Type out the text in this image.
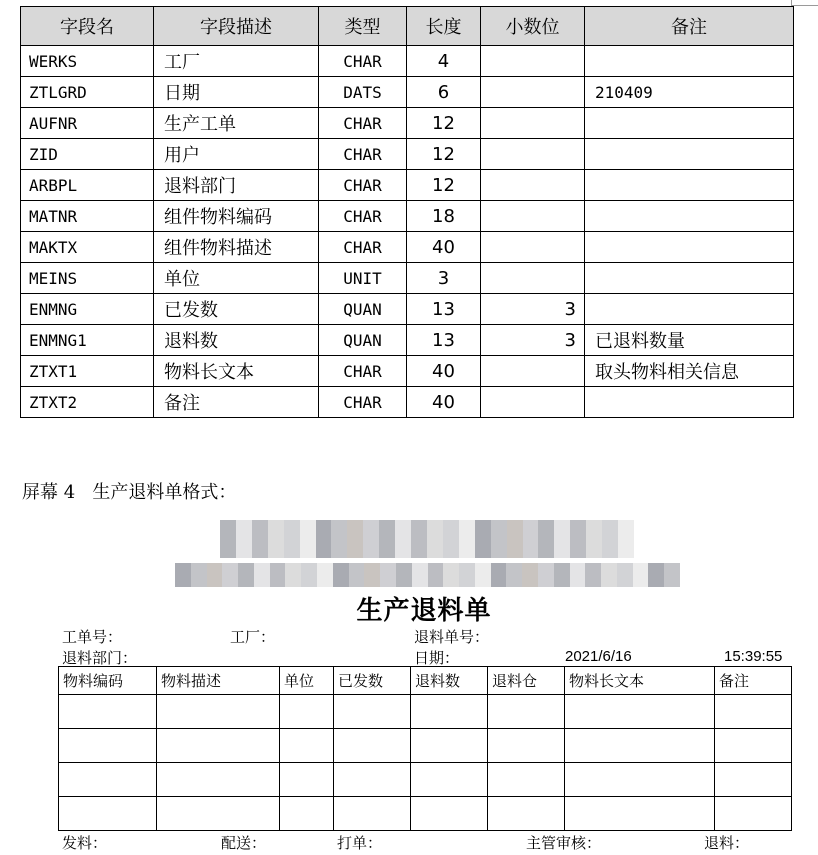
字段名	字段描述	类型	长度	小数位	备注
WERKS	工厂	CHAR	4		
ZTLGRD	日期	DATS	6		210409
AUFNR	生产工单	CHAR	12		
ZID	用户	CHAR	12		
ARBPL	退料部门	CHAR	12		
MATNR	组件物料编码	CHAR	18		
MAKTX	组件物料描述	CHAR	40		
MEINS	单位	UNIT	3		
ENMNG	已发数	QUAN	13	3	
ENMNG1	退料数	QUAN	13	3	已退料数量
ZTXT1	物料长文本	CHAR	40		取头物料相关信息
ZTXT2	备注	CHAR	40		
屏幕 4   生产退料单格式：
生产退料单
工单号：	工厂：	退料单号：
退料部门：	日期：	2021/6/16	15:39:55
物料编码	物料描述	单位	已发数	退料数	退料仓	物料长文本	备注

发料：	配送：	打单：	主管审核：	退料：
